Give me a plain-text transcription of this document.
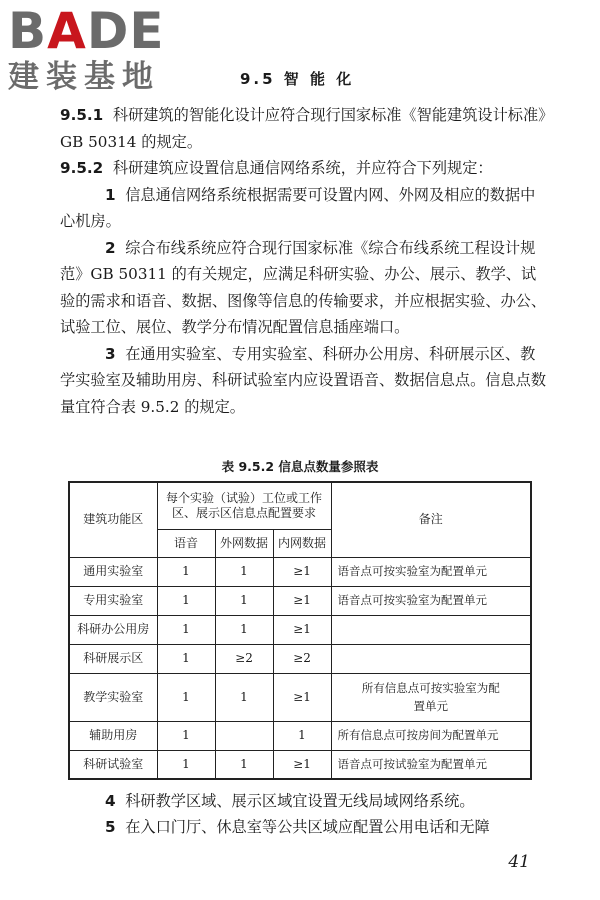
BADE
建装基地	9.5 智 能 化

9.5.1 科研建筑的智能化设计应符合现行国家标准《智能建筑设计标准》GB 50314 的规定。

9.5.2 科研建筑应设置信息通信网络系统，并应符合下列规定：

1 信息通信网络系统根据需要可设置内网、外网及相应的数据中心机房。

2 综合布线系统应符合现行国家标准《综合布线系统工程设计规范》GB 50311 的有关规定，应满足科研实验、办公、展示、教学、试验的需求和语音、数据、图像等信息的传输要求，并应根据实验、办公、试验工位、展位、教学分布情况配置信息插座端口。

3 在通用实验室、专用实验室、科研办公用房、科研展示区、教学实验室及辅助用房、科研试验室内应设置语音、数据信息点。信息点数量宜符合表 9.5.2 的规定。

表 9.5.2 信息点数量参照表
建筑功能区	每个实验（试验）工位或工作区、展示区信息点配置要求			备注
	语音	外网数据	内网数据	
通用实验室	1	1	≥1	语音点可按实验室为配置单元
专用实验室	1	1	≥1	语音点可按实验室为配置单元
科研办公用房	1	1	≥1	
科研展示区	1	≥2	≥2	
教学实验室	1	1	≥1	所有信息点可按实验室为配置单元
辅助用房	1		1	所有信息点可按房间为配置单元
科研试验室	1	1	≥1	语音点可按试验室为配置单元

4 科研教学区域、展示区域宜设置无线局域网络系统。

5 在入口门厅、休息室等公共区域应配置公用电话和无障

41
